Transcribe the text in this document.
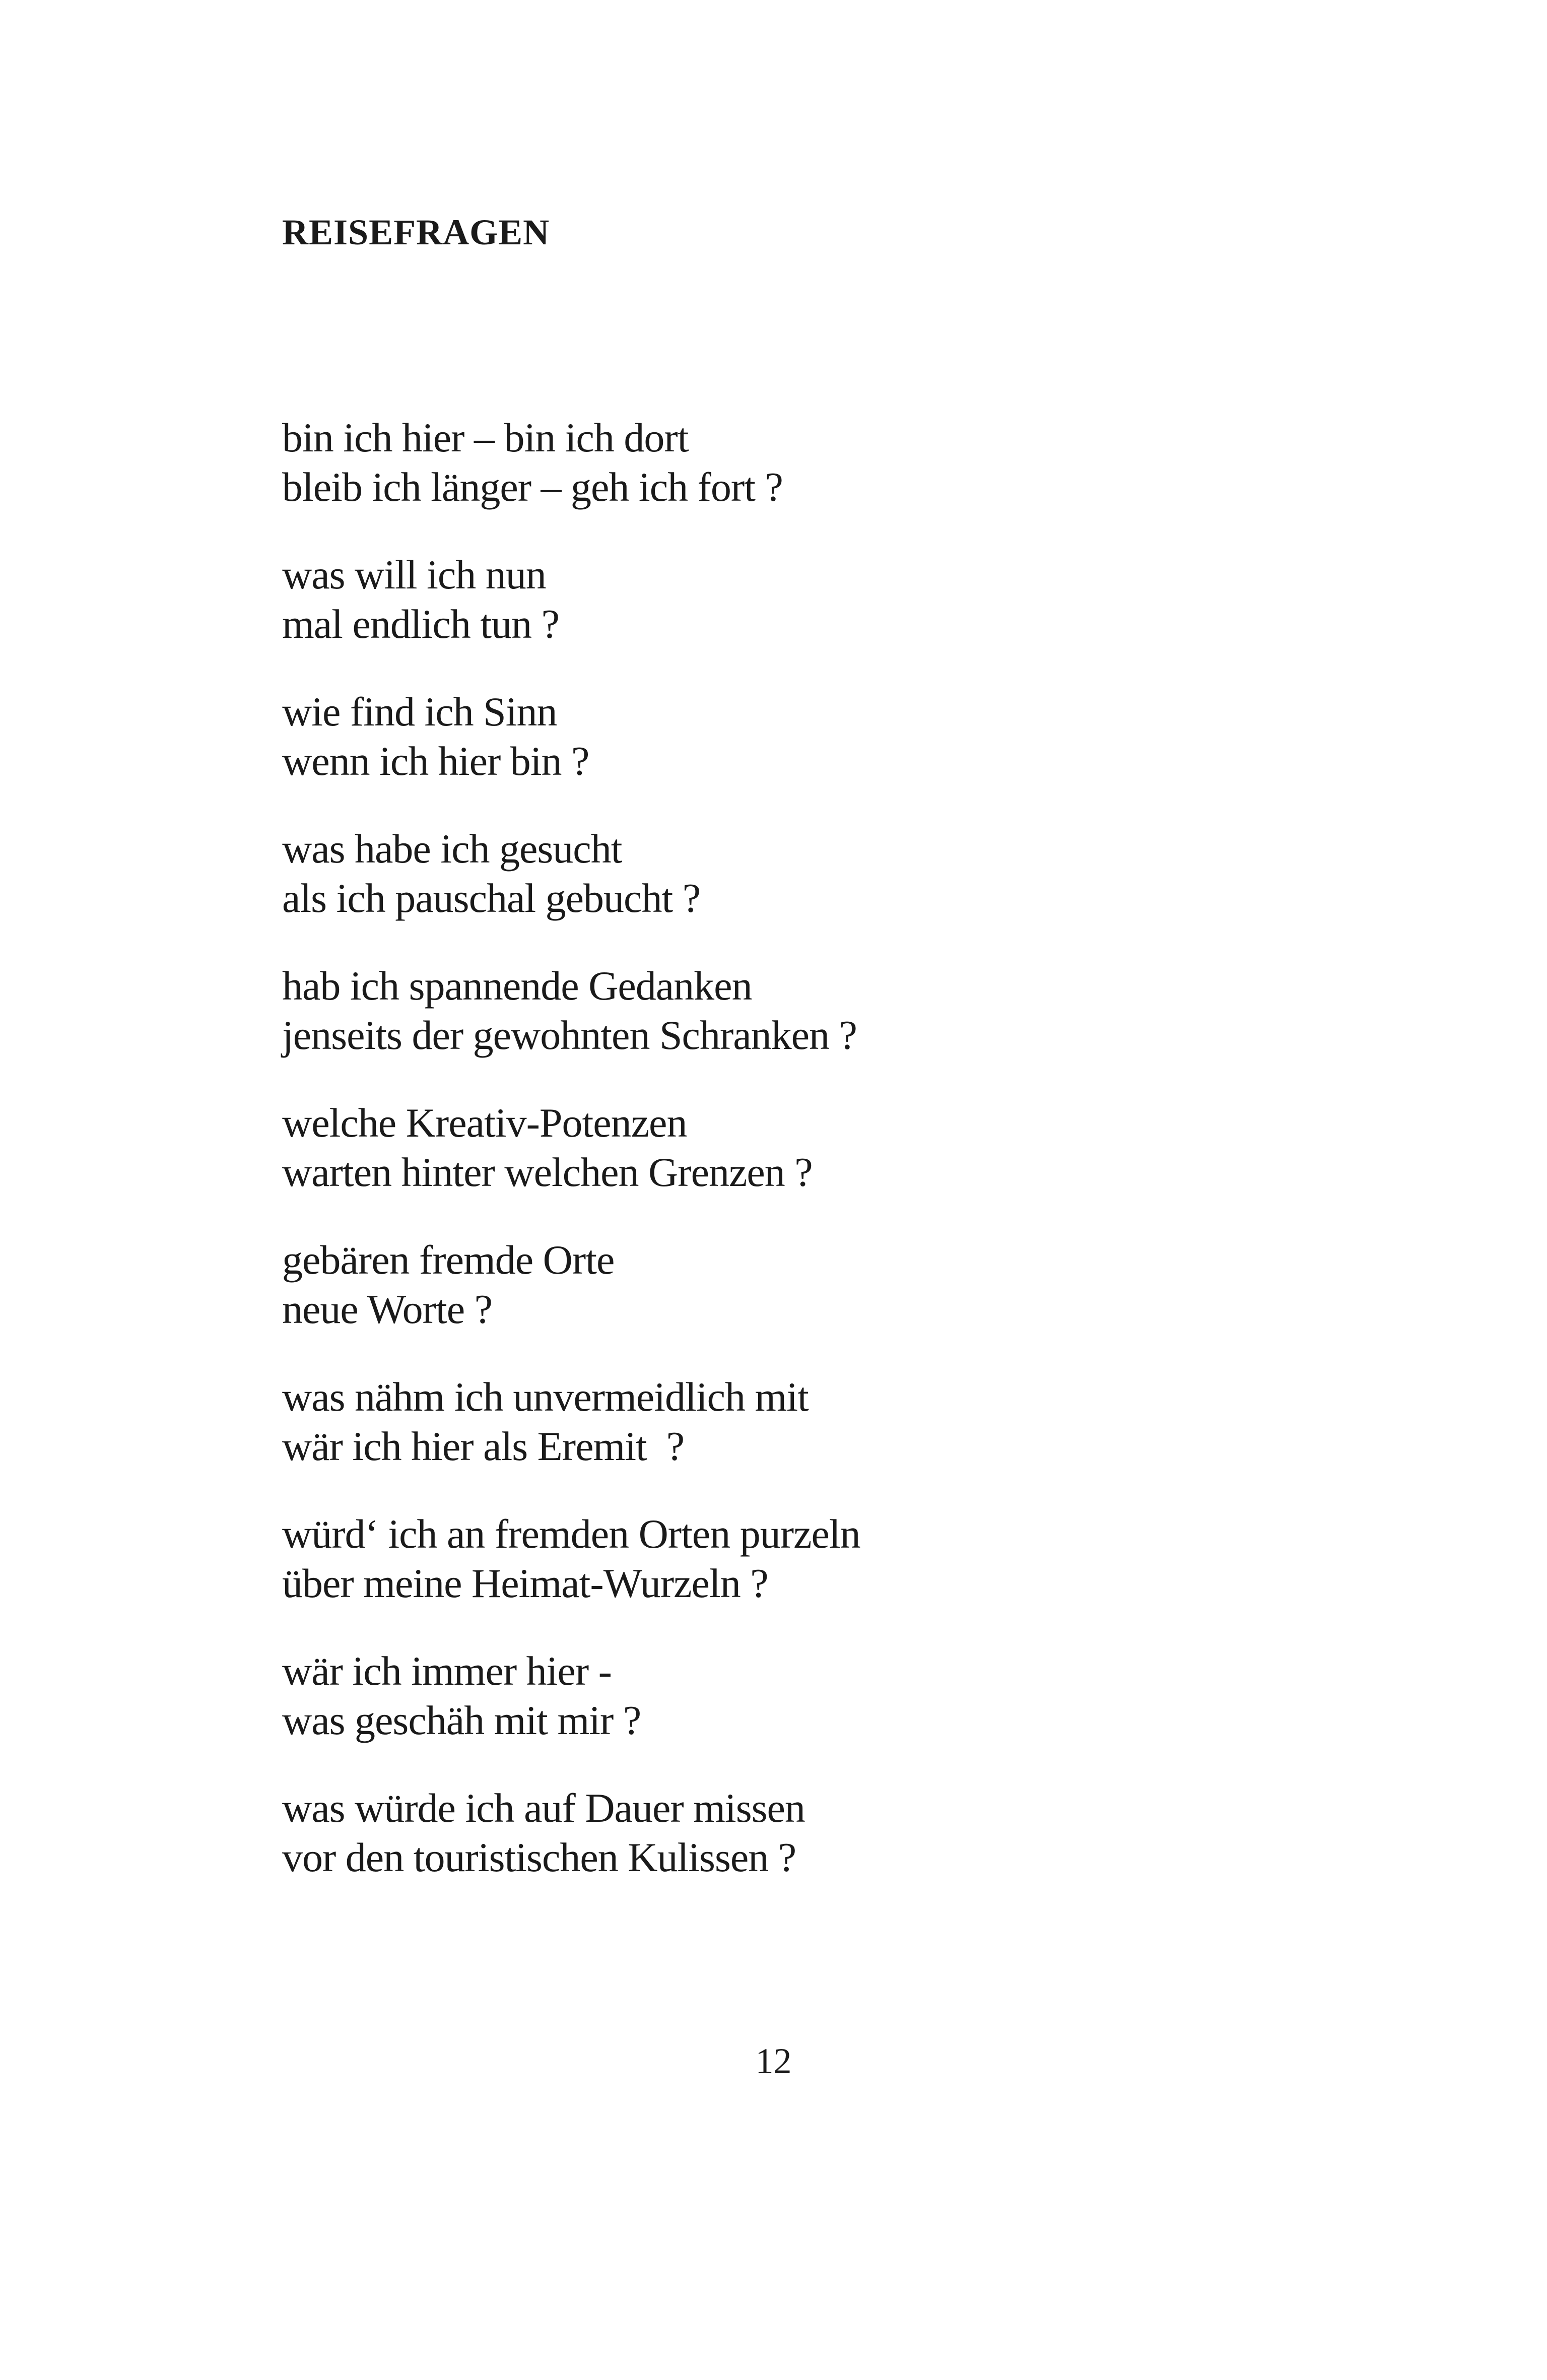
REISEFRAGEN
bin ich hier – bin ich dort
bleib ich länger – geh ich fort ?
was will ich nun
mal endlich tun ?
wie find ich Sinn
wenn ich hier bin ?
was habe ich gesucht
als ich pauschal gebucht ?
hab ich spannende Gedanken
jenseits der gewohnten Schranken ?
welche Kreativ-Potenzen
warten hinter welchen Grenzen ?
gebären fremde Orte
neue Worte ?
was nähm ich unvermeidlich mit
wär ich hier als Eremit  ?
würd‘ ich an fremden Orten purzeln
über meine Heimat-Wurzeln ?
wär ich immer hier -
was geschäh mit mir ?
was würde ich auf Dauer missen
vor den touristischen Kulissen ?
12
